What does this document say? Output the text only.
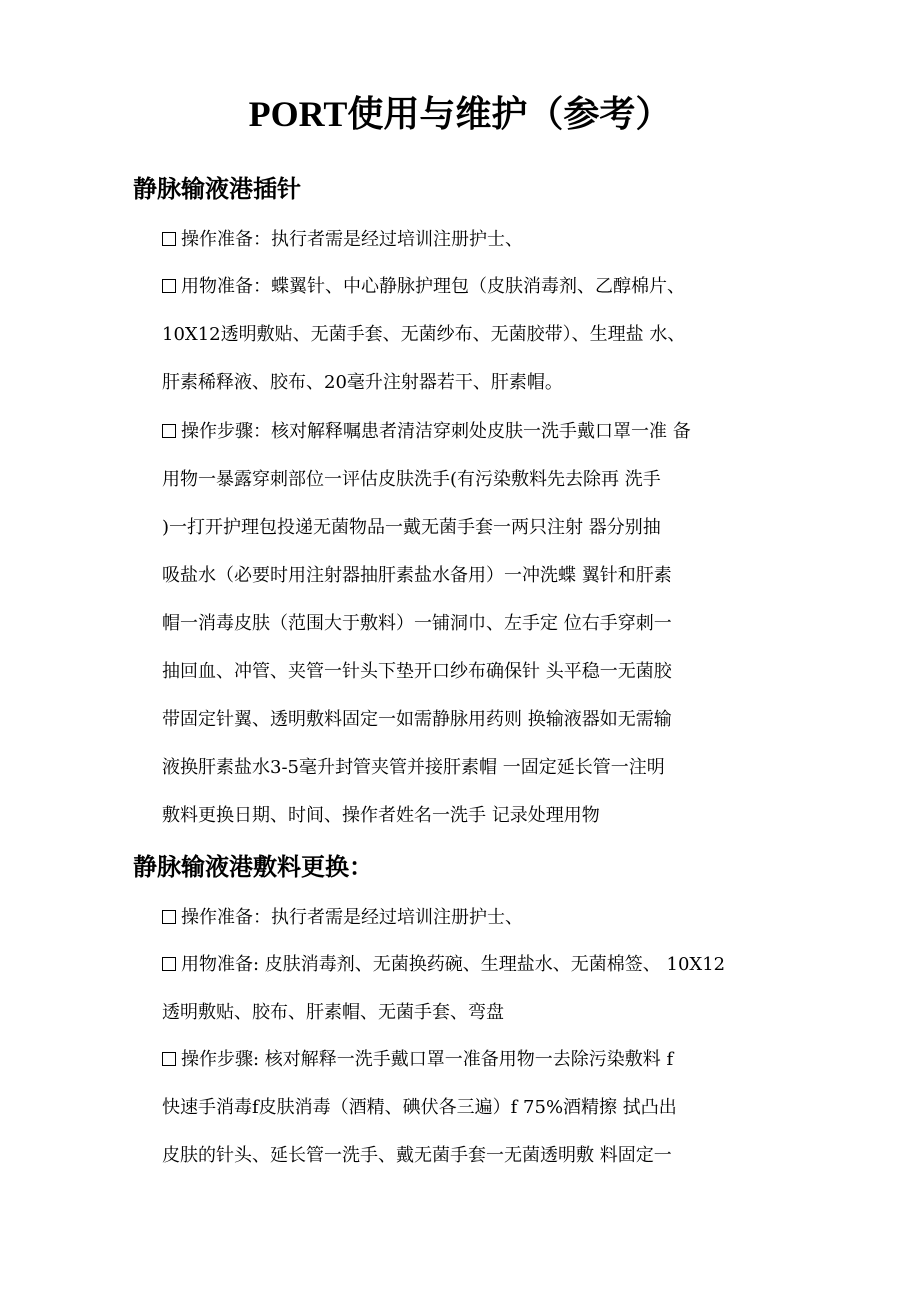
PORT使用与维护（参考）
静脉输液港插针
操作准备：执行者需是经过培训注册护士、
用物准备：蝶翼针、中心静脉护理包（皮肤消毒剂、乙醇棉片、
10X12透明敷贴、无菌手套、无菌纱布、无菌胶带）、生理盐 水、
肝素稀释液、胶布、20毫升注射器若干、肝素帽。
操作步骤：核对解释嘱患者清洁穿刺处皮肤一洗手戴口罩一准 备
用物一暴露穿刺部位一评估皮肤洗手(有污染敷料先去除再 洗手
)一打开护理包投递无菌物品一戴无菌手套一两只注射 器分别抽
吸盐水（必要时用注射器抽肝素盐水备用）一冲洗蝶 翼针和肝素
帽一消毒皮肤（范围大于敷料）一铺洞巾、左手定 位右手穿刺一
抽回血、冲管、夹管一针头下垫开口纱布确保针 头平稳一无菌胶
带固定针翼、透明敷料固定一如需静脉用药则 换输液器如无需输
液换肝素盐水3-5毫升封管夹管并接肝素帽 一固定延长管一注明
敷料更换日期、时间、操作者姓名一洗手 记录处理用物
静脉输液港敷料更换：
操作准备：执行者需是经过培训注册护士、
用物准备: 皮肤消毒剂、无菌换药碗、生理盐水、无菌棉签、 10X12
透明敷贴、胶布、肝素帽、无菌手套、弯盘
操作步骤: 核对解释一洗手戴口罩一准备用物一去除污染敷料 f
快速手消毒f皮肤消毒（酒精、碘伏各三遍）f 75%酒精擦 拭凸出
皮肤的针头、延长管一洗手、戴无菌手套一无菌透明敷 料固定一
